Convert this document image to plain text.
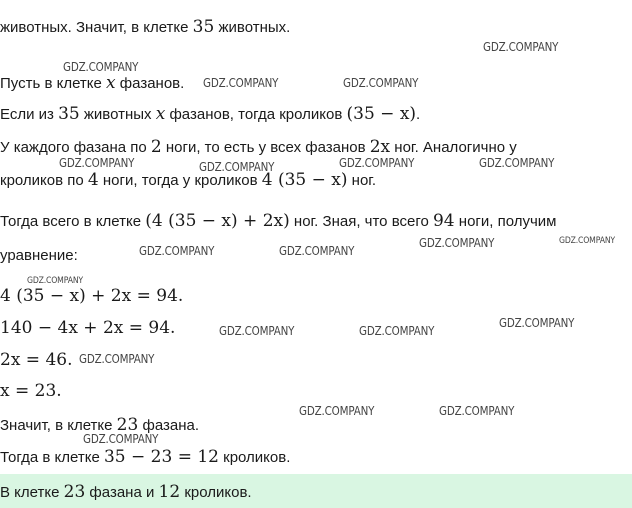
животных. Значит, в клетке 35 животных.
Пусть в клетке x фазанов.
Если из 35 животных x фазанов, тогда кроликов (35 − x).
У каждого фазана по 2 ноги, то есть у всех фазанов 2x ног. Аналогично у
кроликов по 4 ноги, тогда у кроликов 4 (35 − x) ног.
Тогда всего в клетке (4 (35 − x) + 2x) ног. Зная, что всего 94 ноги, получим
уравнение:
4 (35 − x) + 2x = 94.
140 − 4x + 2x = 94.
2x = 46.
x = 23.
Значит, в клетке 23 фазана.
Тогда в клетке 35 − 23 = 12 кроликов.
В клетке 23 фазана и 12 кроликов.
GDZ.COMPANY
GDZ.COMPANY
GDZ.COMPANY	GDZ.COMPANY
GDZ.COMPANY	GDZ.COMPANY	GDZ.COMPANY	GDZ.COMPANY
GDZ.COMPANY	GDZ.COMPANY
GDZ.COMPANY	GDZ.COMPANY
GDZ.COMPANY
GDZ.COMPANY	GDZ.COMPANY
GDZ.COMPANY
GDZ.COMPANY
GDZ.COMPANY	GDZ.COMPANY
GDZ.COMPANY
